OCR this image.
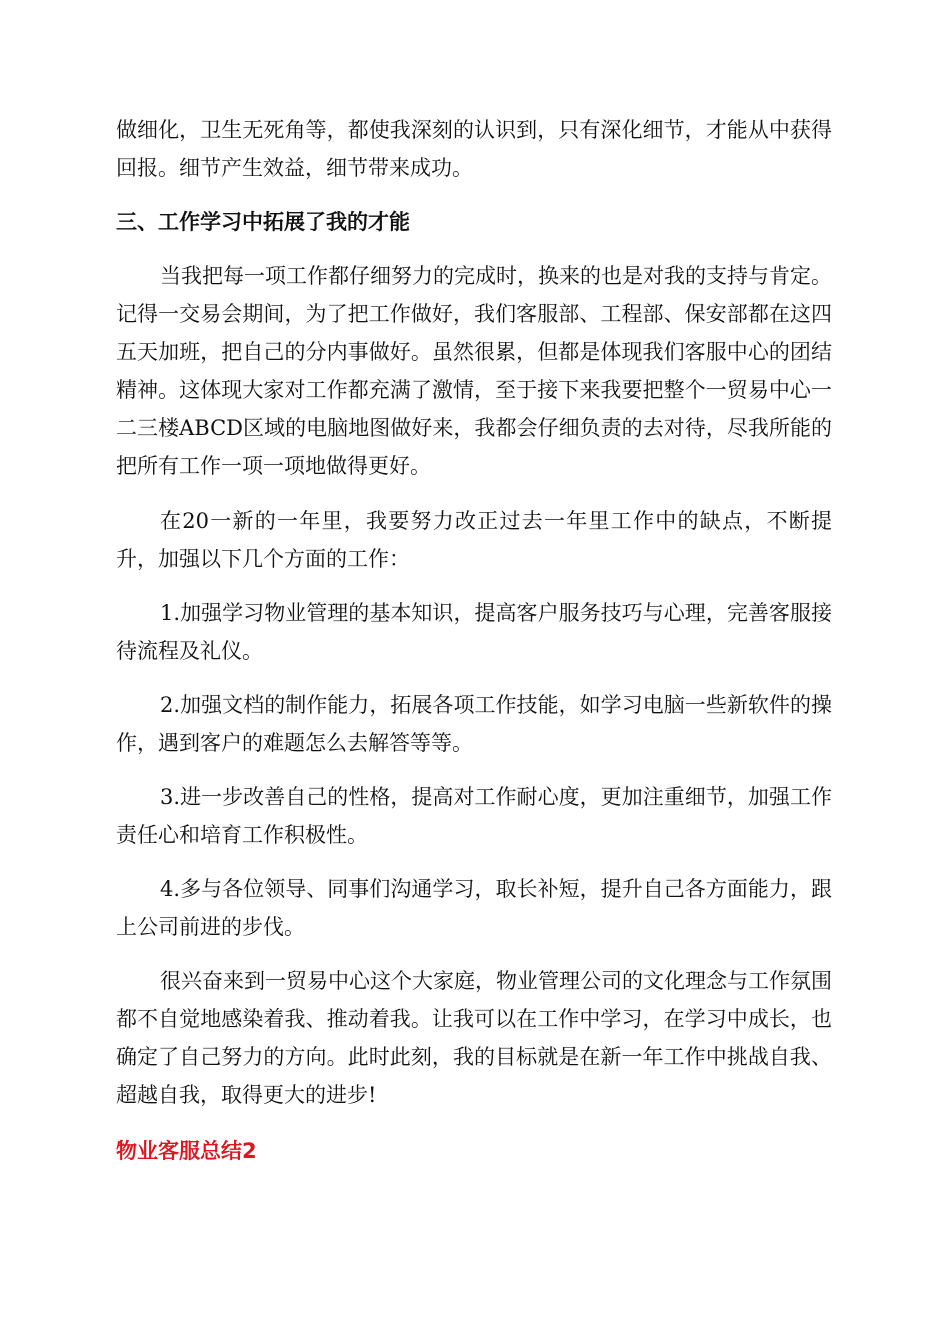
做细化，卫生无死角等，都使我深刻的认识到，只有深化细节，才能从中获得回报。细节产生效益，细节带来成功。

三、工作学习中拓展了我的才能

当我把每一项工作都仔细努力的完成时，换来的也是对我的支持与肯定。记得一交易会期间，为了把工作做好，我们客服部、工程部、保安部都在这四五天加班，把自己的分内事做好。虽然很累，但都是体现我们客服中心的团结精神。这体现大家对工作都充满了激情，至于接下来我要把整个一贸易中心一二三楼ABCD区域的电脑地图做好来，我都会仔细负责的去对待，尽我所能的把所有工作一项一项地做得更好。

在20一新的一年里，我要努力改正过去一年里工作中的缺点，不断提升，加强以下几个方面的工作：

1.加强学习物业管理的基本知识，提高客户服务技巧与心理，完善客服接待流程及礼仪。

2.加强文档的制作能力，拓展各项工作技能，如学习电脑一些新软件的操作，遇到客户的难题怎么去解答等等。

3.进一步改善自己的性格，提高对工作耐心度，更加注重细节，加强工作责任心和培育工作积极性。

4.多与各位领导、同事们沟通学习，取长补短，提升自己各方面能力，跟上公司前进的步伐。

很兴奋来到一贸易中心这个大家庭，物业管理公司的文化理念与工作氛围都不自觉地感染着我、推动着我。让我可以在工作中学习，在学习中成长，也确定了自己努力的方向。此时此刻，我的目标就是在新一年工作中挑战自我、超越自我，取得更大的进步!

物业客服总结2
